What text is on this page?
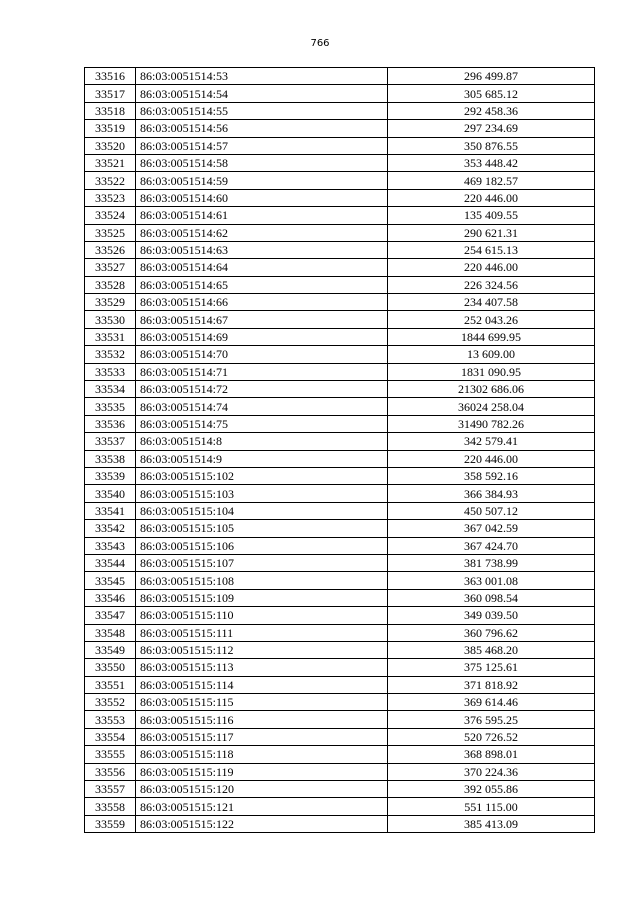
766
33516	86:03:0051514:53	296 499.87
33517	86:03:0051514:54	305 685.12
33518	86:03:0051514:55	292 458.36
33519	86:03:0051514:56	297 234.69
33520	86:03:0051514:57	350 876.55
33521	86:03:0051514:58	353 448.42
33522	86:03:0051514:59	469 182.57
33523	86:03:0051514:60	220 446.00
33524	86:03:0051514:61	135 409.55
33525	86:03:0051514:62	290 621.31
33526	86:03:0051514:63	254 615.13
33527	86:03:0051514:64	220 446.00
33528	86:03:0051514:65	226 324.56
33529	86:03:0051514:66	234 407.58
33530	86:03:0051514:67	252 043.26
33531	86:03:0051514:69	1844 699.95
33532	86:03:0051514:70	13 609.00
33533	86:03:0051514:71	1831 090.95
33534	86:03:0051514:72	21302 686.06
33535	86:03:0051514:74	36024 258.04
33536	86:03:0051514:75	31490 782.26
33537	86:03:0051514:8	342 579.41
33538	86:03:0051514:9	220 446.00
33539	86:03:0051515:102	358 592.16
33540	86:03:0051515:103	366 384.93
33541	86:03:0051515:104	450 507.12
33542	86:03:0051515:105	367 042.59
33543	86:03:0051515:106	367 424.70
33544	86:03:0051515:107	381 738.99
33545	86:03:0051515:108	363 001.08
33546	86:03:0051515:109	360 098.54
33547	86:03:0051515:110	349 039.50
33548	86:03:0051515:111	360 796.62
33549	86:03:0051515:112	385 468.20
33550	86:03:0051515:113	375 125.61
33551	86:03:0051515:114	371 818.92
33552	86:03:0051515:115	369 614.46
33553	86:03:0051515:116	376 595.25
33554	86:03:0051515:117	520 726.52
33555	86:03:0051515:118	368 898.01
33556	86:03:0051515:119	370 224.36
33557	86:03:0051515:120	392 055.86
33558	86:03:0051515:121	551 115.00
33559	86:03:0051515:122	385 413.09
